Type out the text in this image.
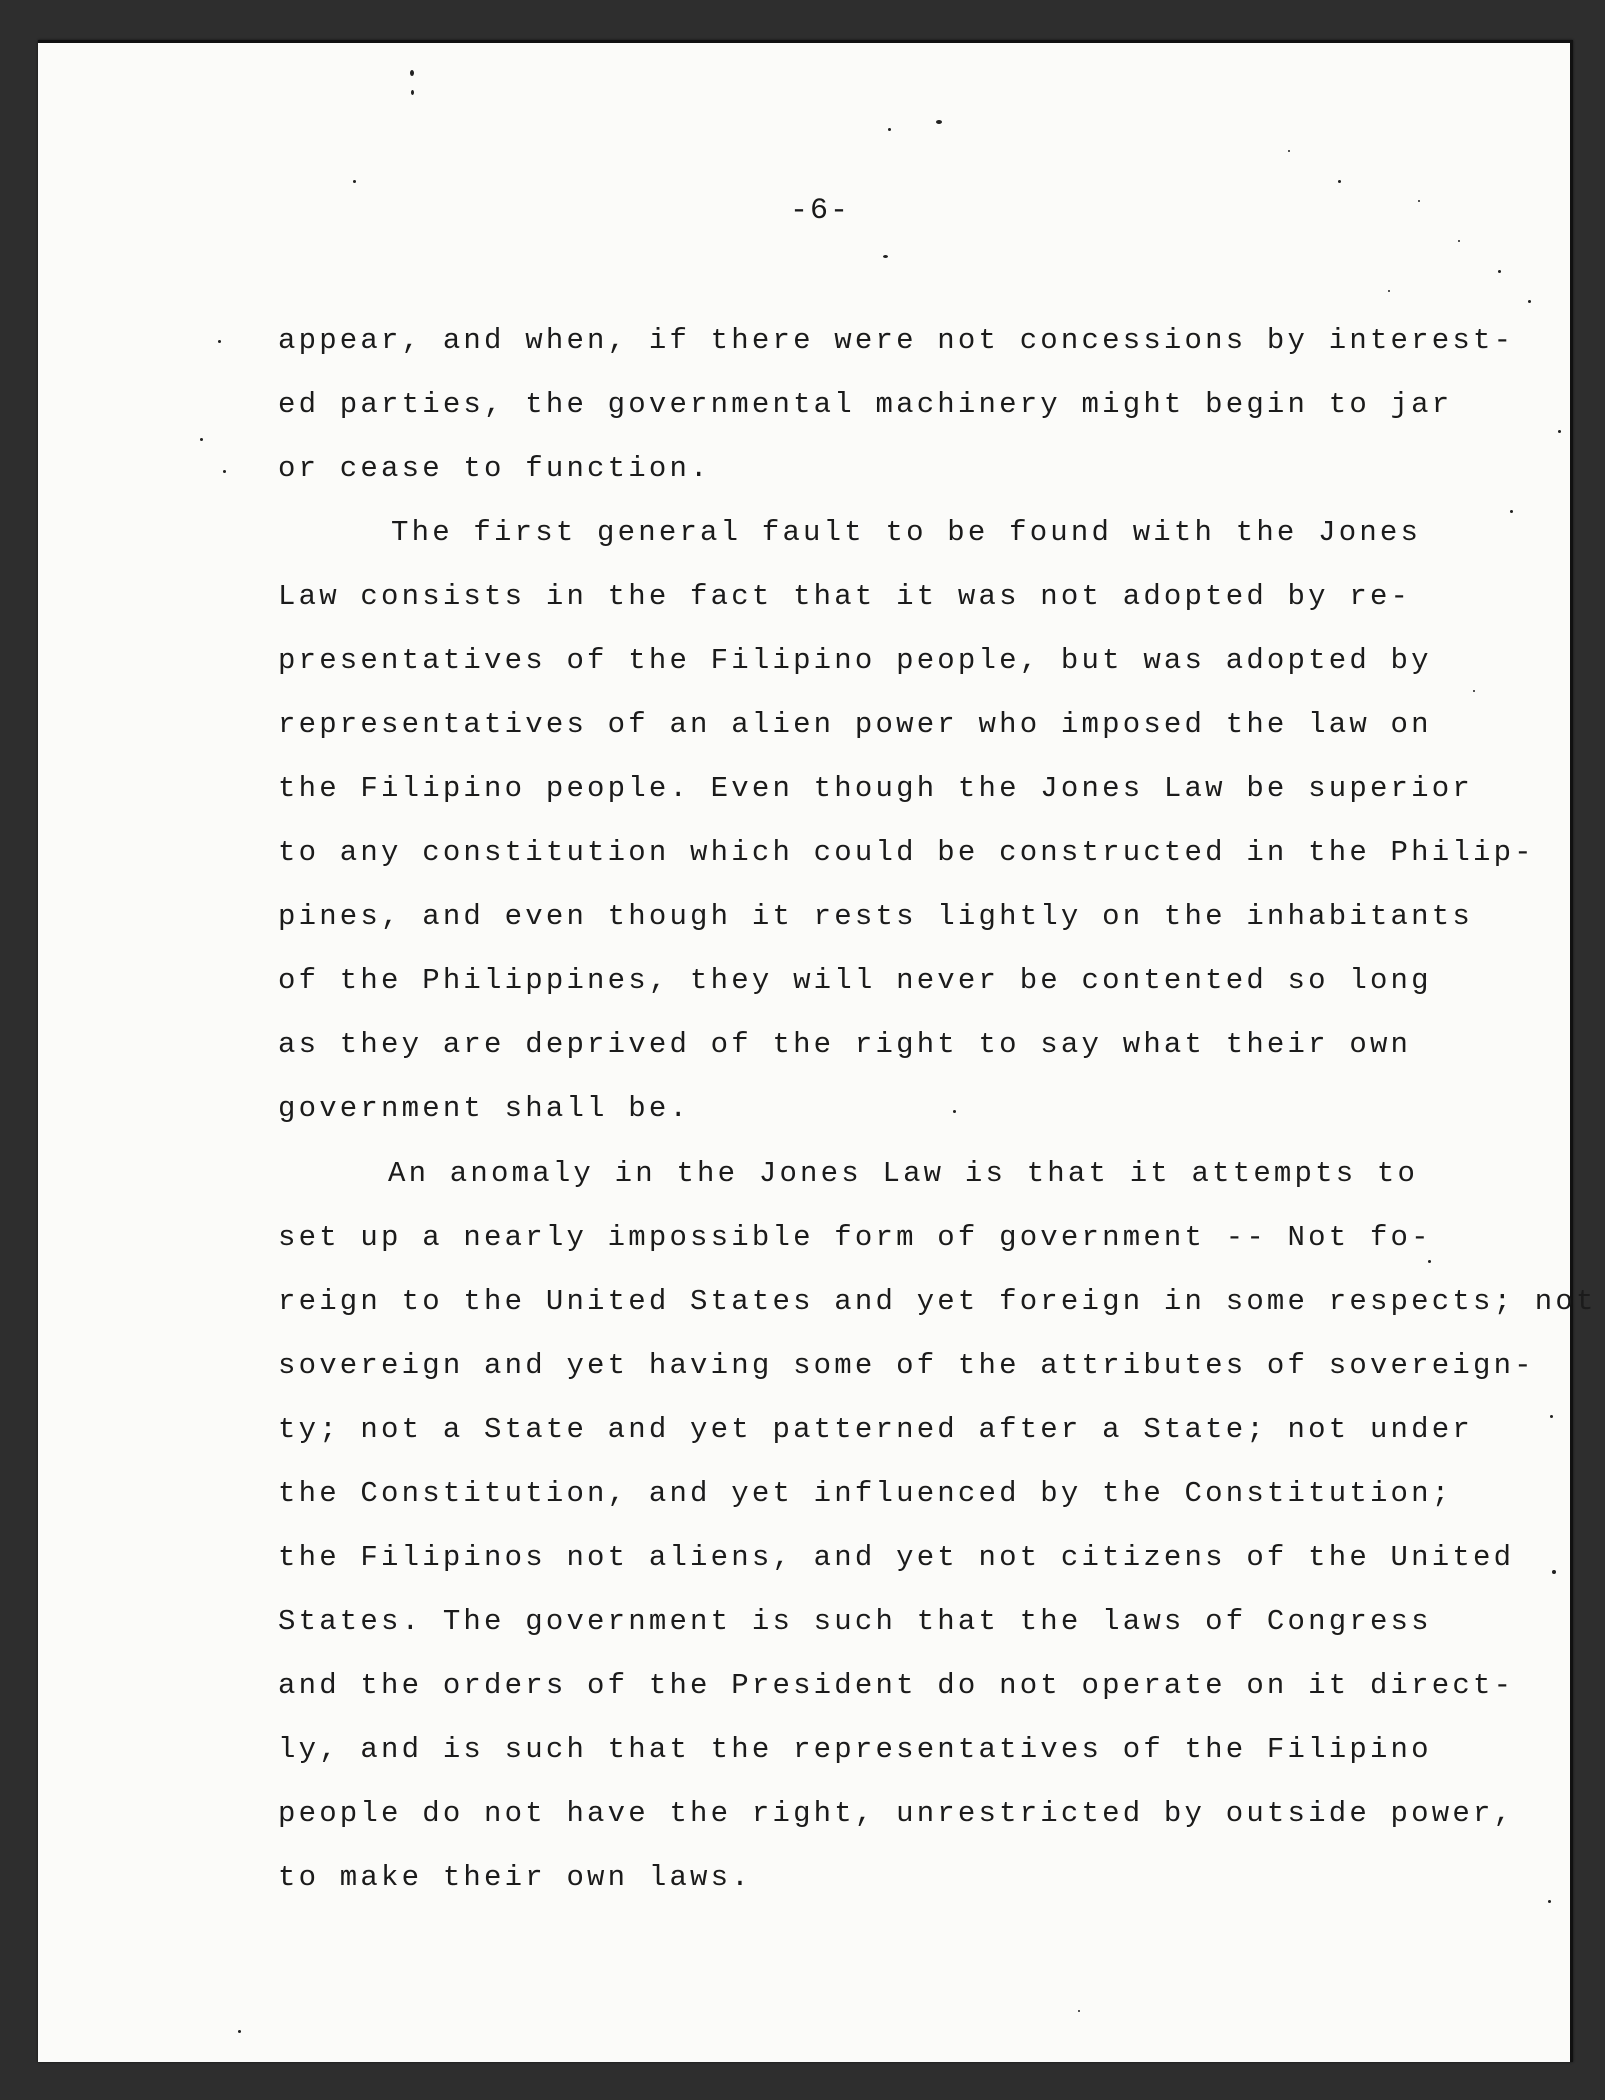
-6-
appear, and when, if there were not concessions by interest-
ed parties, the governmental machinery might begin to jar
or cease to function.
The first general fault to be found with the Jones
Law consists in the fact that it was not adopted by re-
presentatives of the Filipino people, but was adopted by
representatives of an alien power who imposed the law on
the Filipino people. Even though the Jones Law be superior
to any constitution which could be constructed in the Philip-
pines, and even though it rests lightly on the inhabitants
of the Philippines, they will never be contented so long
as they are deprived of the right to say what their own
government shall be.
An anomaly in the Jones Law is that it attempts to
set up a nearly impossible form of government -- Not fo-
reign to the United States and yet foreign in some respects; not
sovereign and yet having some of the attributes of sovereign-
ty; not a State and yet patterned after a State; not under
the Constitution, and yet influenced by the Constitution;
the Filipinos not aliens, and yet not citizens of the United
States. The government is such that the laws of Congress
and the orders of the President do not operate on it direct-
ly, and is such that the representatives of the Filipino
people do not have the right, unrestricted by outside power,
to make their own laws.
